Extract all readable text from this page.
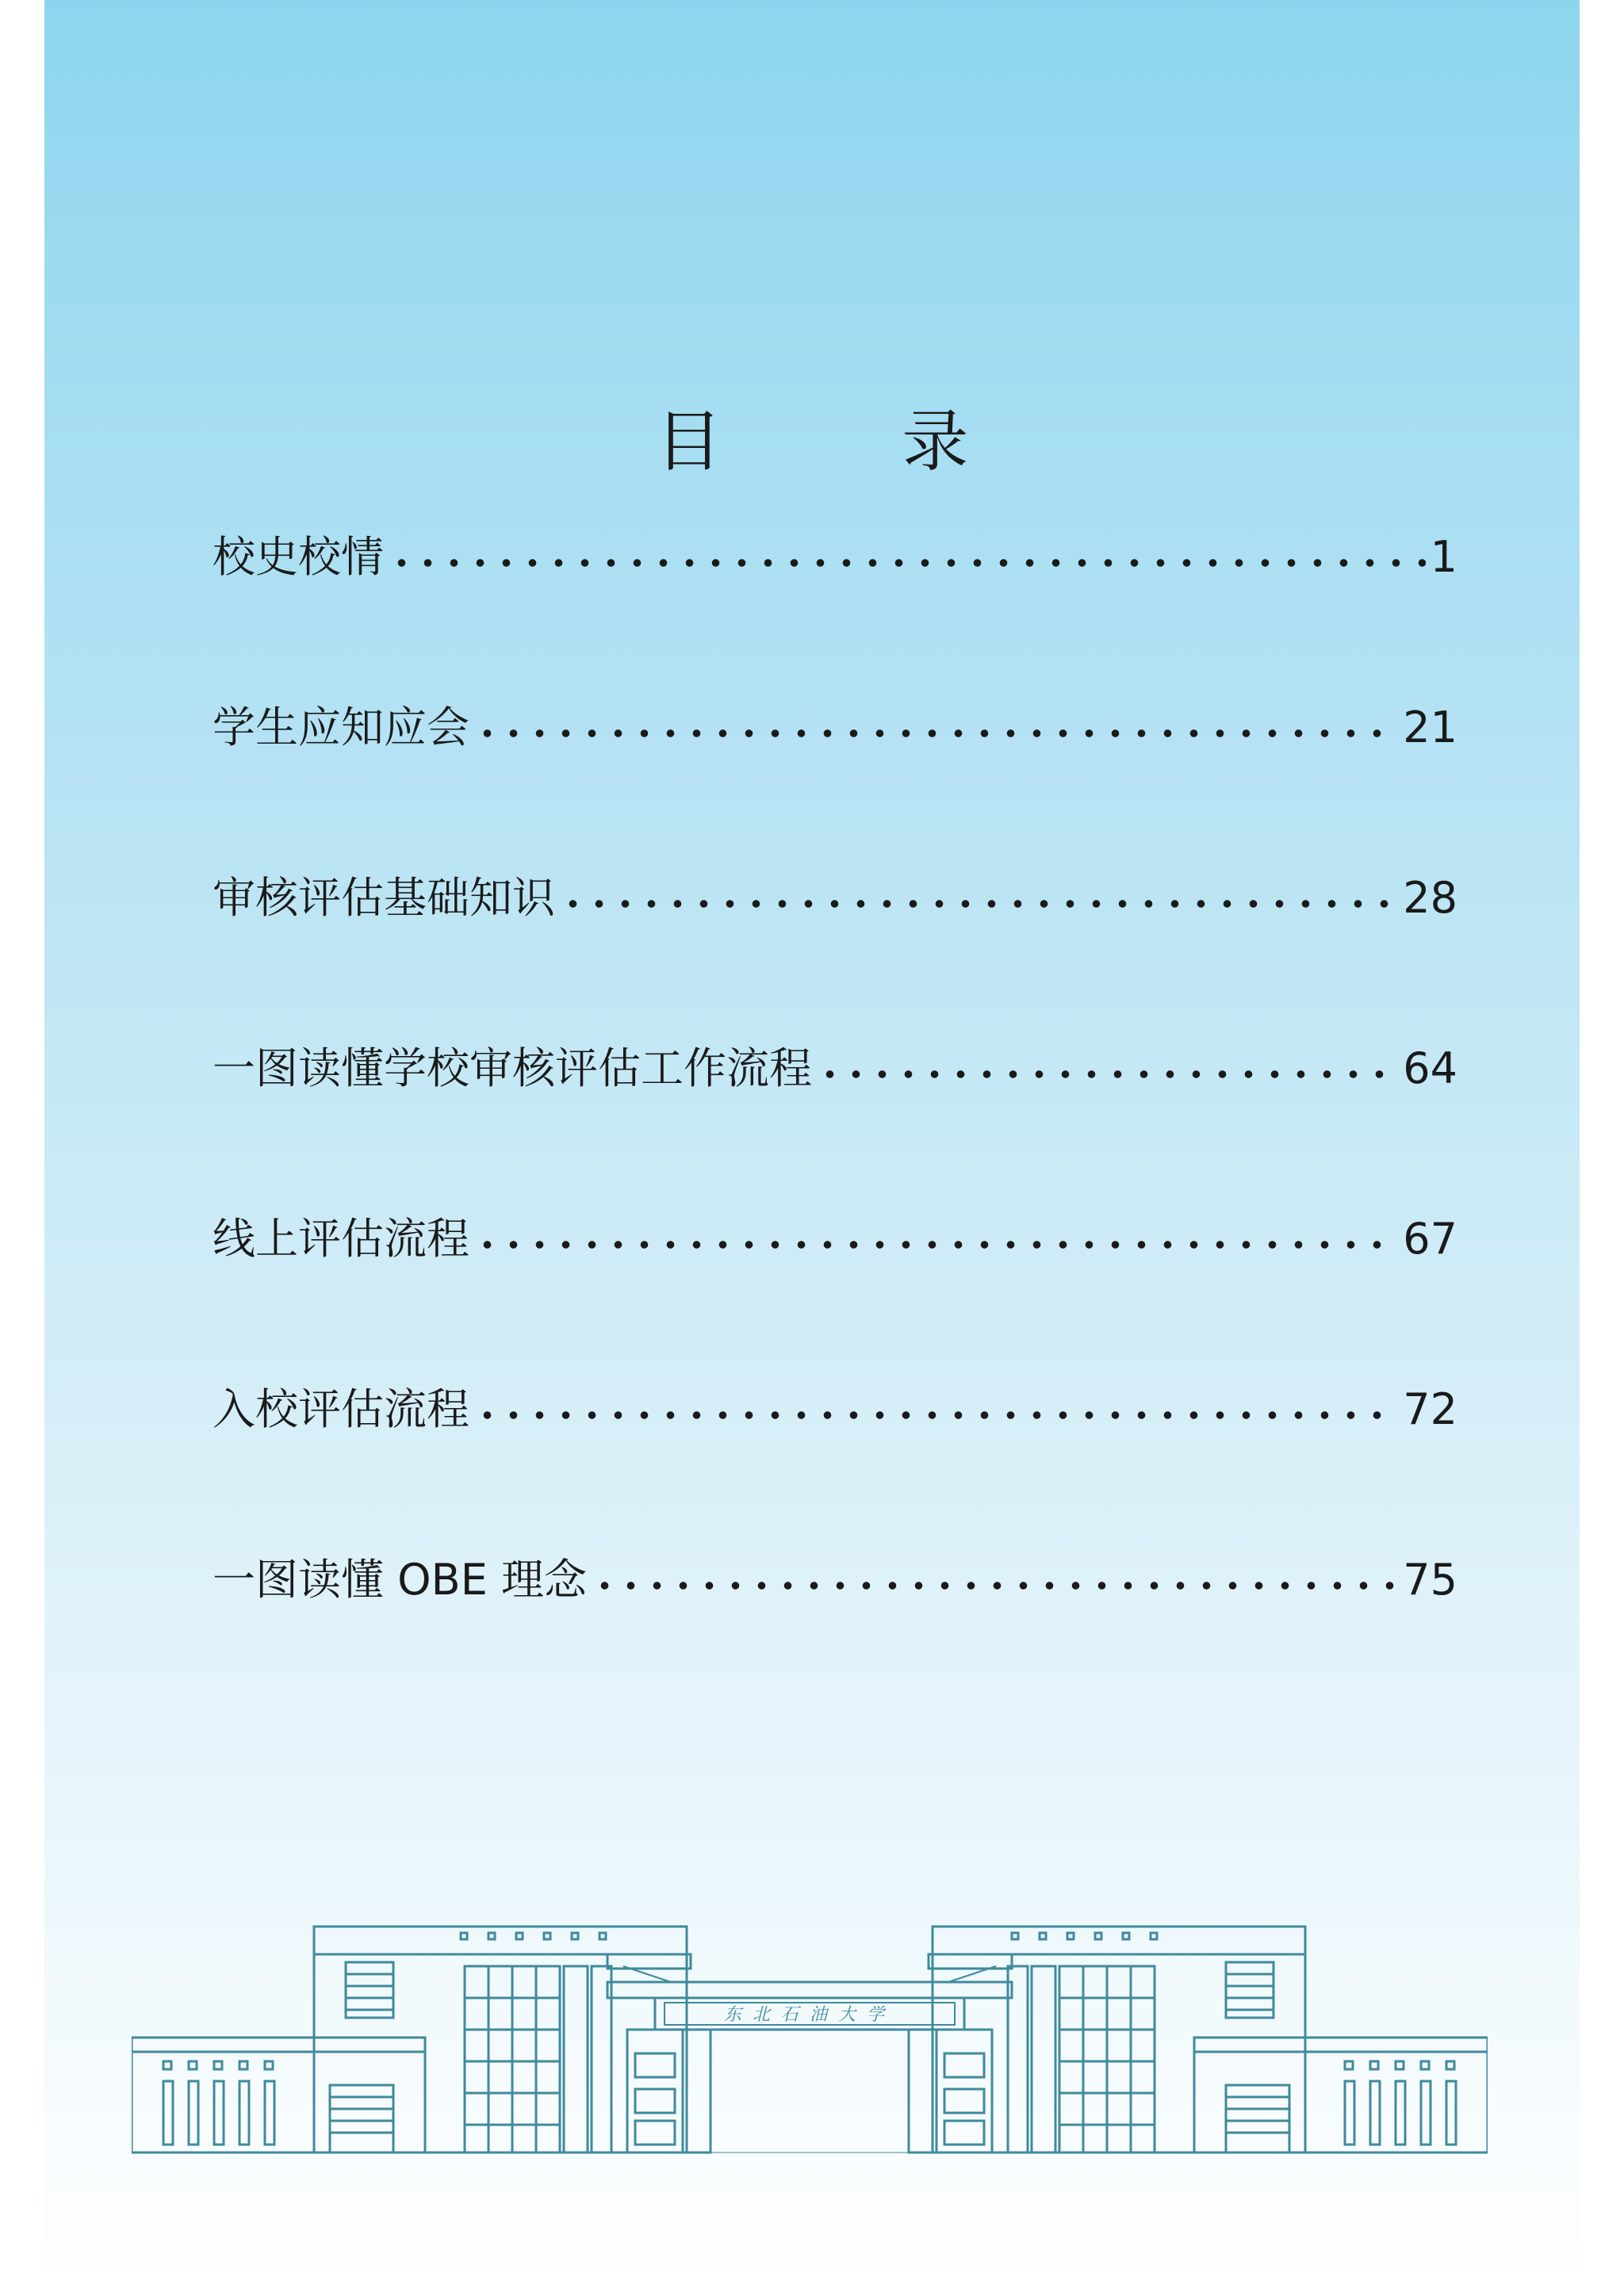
目 录
校史校情	1
学生应知应会	21
审核评估基础知识	28
一图读懂学校审核评估工作流程	64
线上评估流程	67
入校评估流程	72
一图读懂 OBE 理念	75
东北石油大学
